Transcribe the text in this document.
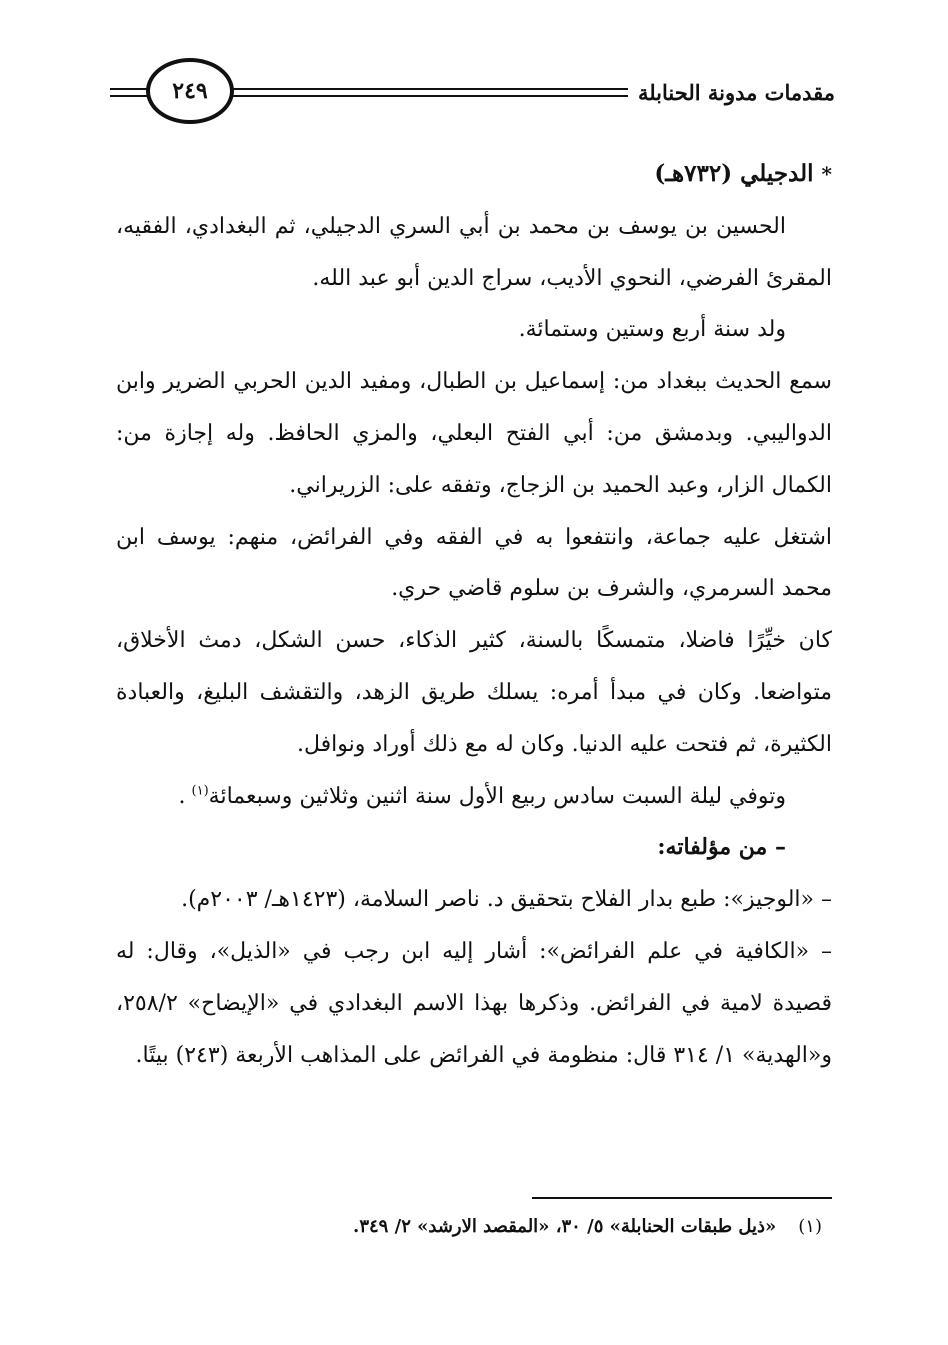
مقدمات مدونة الحنابلة
٢٤٩

*الدجيلي (٧٣٢هـ)

الحسين بن يوسف بن محمد بن أبي السري الدجيلي، ثم البغدادي، الفقيه، المقرئ الفرضي، النحوي الأديب، سراج الدين أبو عبد الله.

ولد سنة أربع وستين وستمائة.

سمع الحديث ببغداد من: إسماعيل بن الطبال، ومفيد الدين الحربي الضرير وابن الدواليبي. وبدمشق من: أبي الفتح البعلي، والمزي الحافظ. وله إجازة من: الكمال الزار، وعبد الحميد بن الزجاج، وتفقه على: الزريراني.

اشتغل عليه جماعة، وانتفعوا به في الفقه وفي الفرائض، منهم: يوسف ابن محمد السرمري، والشرف بن سلوم قاضي حري.

كان خيِّرًا فاضلا، متمسكًا بالسنة، كثير الذكاء، حسن الشكل، دمث الأخلاق، متواضعا. وكان في مبدأ أمره: يسلك طريق الزهد، والتقشف البليغ، والعبادة الكثيرة، ثم فتحت عليه الدنيا. وكان له مع ذلك أوراد ونوافل.

وتوفي ليلة السبت سادس ربيع الأول سنة اثنين وثلاثين وسبعمائة$^{(١)}$.

– من مؤلفاته:

– «الوجيز»: طبع بدار الفلاح بتحقيق د. ناصر السلامة، (١٤٢٣هـ/ ٢٠٠٣م).

– «الكافية في علم الفرائض»: أشار إليه ابن رجب في «الذيل»، وقال: له قصيدة لامية في الفرائض. وذكرها بهذا الاسم البغدادي في «الإيضاح» ٢٥٨/٢، و«الهدية» ١/ ٣١٤ قال: منظومة في الفرائض على المذاهب الأربعة (٢٤٣) بيتًا.

(١)«ذيل طبقات الحنابلة» ٥/ ٣٠، «المقصد الارشد» ٢/ ٣٤٩.
